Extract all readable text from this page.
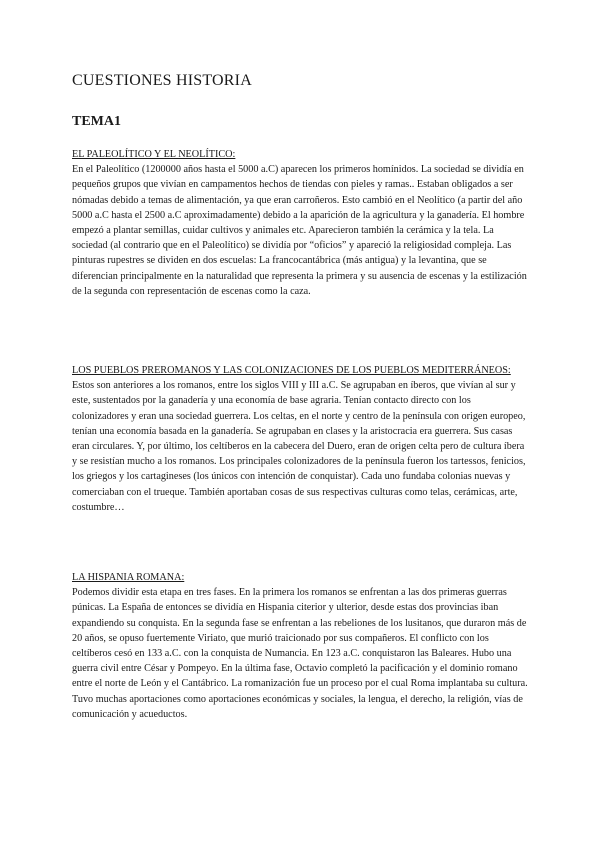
CUESTIONES HISTORIA
TEMA1
EL PALEOLÍTICO Y EL NEOLÍTICO:

En el Paleolítico (1200000 años hasta el 5000 a.C) aparecen los primeros homínidos. La sociedad se dividía en pequeños grupos que vivían en campamentos hechos de tiendas con pieles y ramas.. Estaban obligados a ser nómadas debido a temas de alimentación, ya que eran carroñeros. Esto cambió en el Neolítico (a partir del año 5000 a.C hasta el 2500 a.C aproximadamente) debido a la aparición de la agricultura y la ganadería. El hombre empezó a plantar semillas, cuidar cultivos y animales etc. Aparecieron también la cerámica y la tela. La sociedad (al contrario que en el Paleolítico) se dividía por “oficios” y apareció la religiosidad compleja. Las pinturas rupestres se dividen en dos escuelas: La francocantábrica (más antigua) y la levantina, que se diferencian principalmente en la naturalidad que representa la primera y su ausencia de escenas y la estilización de la segunda con representación de escenas como la caza.

LOS PUEBLOS PREROMANOS Y LAS COLONIZACIONES DE LOS PUEBLOS MEDITERRÁNEOS:

Estos son anteriores a los romanos, entre los siglos VIII y III a.C. Se agrupaban en íberos, que vivían al sur y este, sustentados por la ganadería y una economía de base agraria. Tenían contacto directo con los colonizadores y eran una sociedad guerrera. Los celtas, en el norte y centro de la península con origen europeo, tenían una economía basada en la ganadería. Se agrupaban en clases y la aristocracia era guerrera. Sus casas eran circulares. Y, por último, los celtíberos en la cabecera del Duero, eran de origen celta pero de cultura íbera y se resistían mucho a los romanos. Los principales colonizadores de la península fueron los tartessos, fenicios, los griegos y los cartagineses (los únicos con intención de conquistar). Cada uno fundaba colonias nuevas y comerciaban con el trueque. También aportaban cosas de sus respectivas culturas como telas, cerámicas, arte, costumbre…

LA HISPANIA ROMANA:

Podemos dividir esta etapa en tres fases. En la primera los romanos se enfrentan a las dos primeras guerras púnicas. La España de entonces se dividía en Hispania citerior y ulterior, desde estas dos provincias iban expandiendo su conquista. En la segunda fase se enfrentan a las rebeliones de los lusitanos, que duraron más de 20 años, se opuso fuertemente Viriato, que murió traicionado por sus compañeros. El conflicto con los celtíberos cesó en 133 a.C. con la conquista de Numancia. En 123 a.C. conquistaron las Baleares. Hubo una guerra civil entre César y Pompeyo. En la última fase, Octavio completó la pacificación y el dominio romano entre el norte de León y el Cantábrico. La romanización fue un proceso por el cual Roma implantaba su cultura. Tuvo muchas aportaciones como aportaciones económicas y sociales, la lengua, el derecho, la religión, vías de comunicación y acueductos.
